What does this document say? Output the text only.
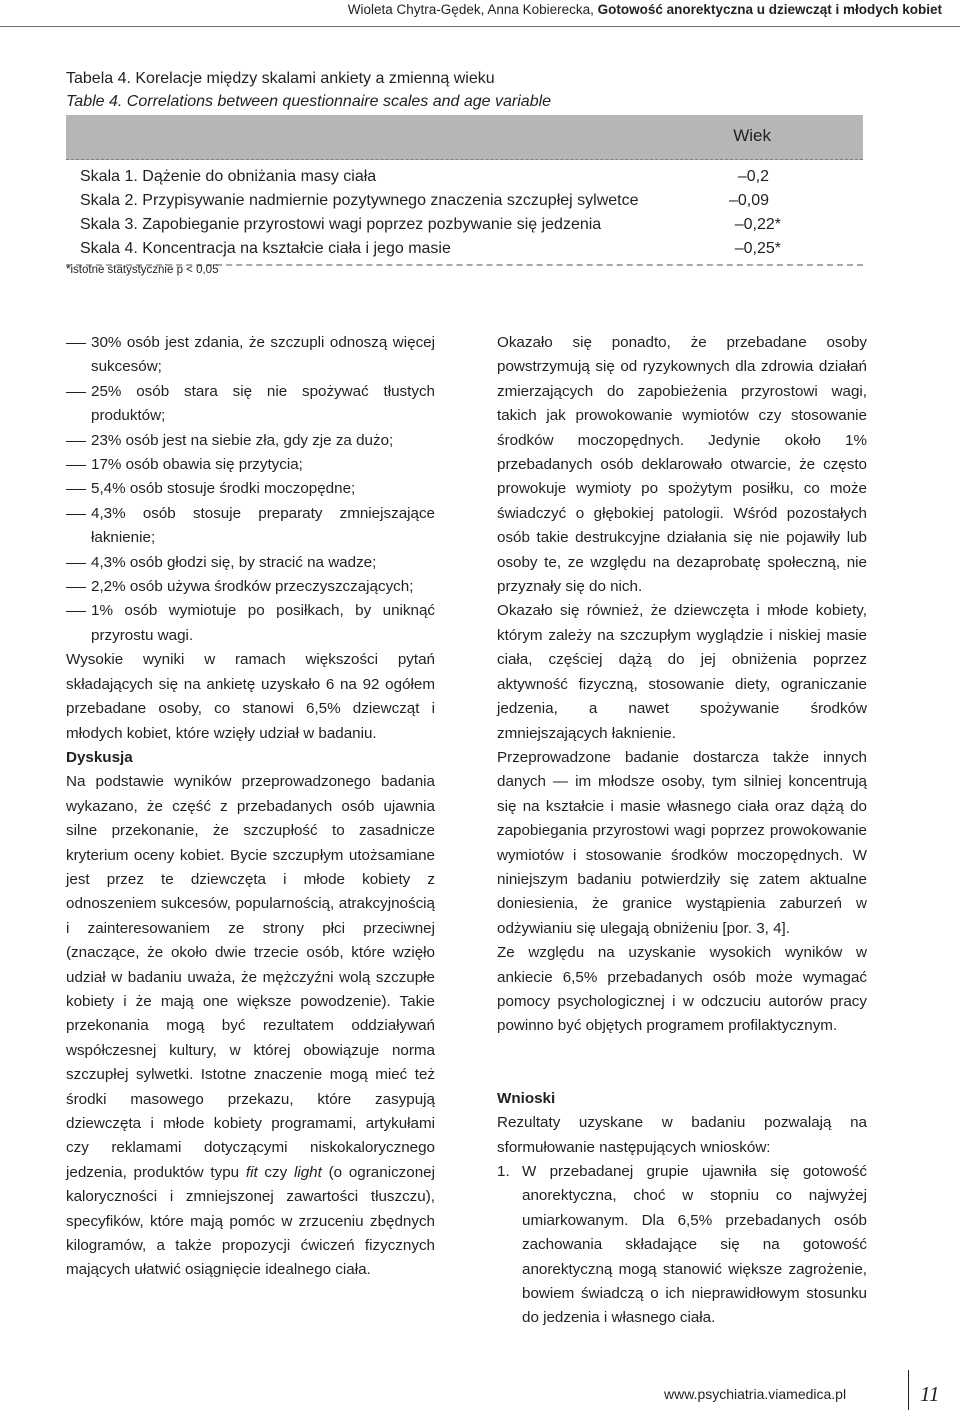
Wioleta Chytra-Gędek, Anna Kobierecka, Gotowość anorektyczna u dziewcząt i młodych kobiet
Tabela 4. Korelacje między skalami ankiety a zmienną wieku
Table 4. Correlations between questionnaire scales and age variable
Wiek
Skala 1. Dążenie do obniżania masy ciała	–0,2
Skala 2. Przypisywanie nadmiernie pozytywnego znaczenia szczupłej sylwetce	–0,09
Skala 3. Zapobieganie przyrostowi wagi poprzez pozbywanie się jedzenia	–0,22*
Skala 4. Koncentracja na kształcie ciała i jego masie	–0,25*
*istotne statystycznie p < 0,05
30% osób jest zdania, że szczupli odnoszą więcej sukcesów;
25% osób stara się nie spożywać tłustych produktów;
23% osób jest na siebie zła, gdy zje za dużo;
17% osób obawia się przytycia;
5,4% osób stosuje środki moczopędne;
4,3% osób stosuje preparaty zmniejszające łaknienie;
4,3% osób głodzi się, by stracić na wadze;
2,2% osób używa środków przeczyszczających;
1% osób wymiotuje po posiłkach, by uniknąć przyrostu wagi.

Wysokie wyniki w ramach większości pytań składających się na ankietę uzyskało 6 na 92 ogółem przebadane osoby, co stanowi 6,5% dziewcząt i młodych kobiet, które wzięły udział w badaniu.

Dyskusja

Na podstawie wyników przeprowadzonego badania wykazano, że część z przebadanych osób ujawnia silne przekonanie, że szczupłość to zasadnicze kryterium oceny kobiet. Bycie szczupłym utożsamiane jest przez te dziewczęta i młode kobiety z odnoszeniem sukcesów, popularnością, atrakcyjnością i zainteresowaniem ze strony płci przeciwnej (znaczące, że około dwie trzecie osób, które wzięło udział w badaniu uważa, że mężczyźni wolą szczupłe kobiety i że mają one większe powodzenie). Takie przekonania mogą być rezultatem oddziaływań współczesnej kultury, w której obowiązuje norma szczupłej sylwetki. Istotne znaczenie mogą mieć też środki masowego przekazu, które zasypują dziewczęta i młode kobiety programami, artykułami czy reklamami dotyczącymi niskokalorycznego jedzenia, produktów typu fit czy light (o ograniczonej kaloryczności i zmniejszonej zawartości tłuszczu), specyfików, które mają pomóc w zrzuceniu zbędnych kilogramów, a także propozycji ćwiczeń fizycznych mających ułatwić osiągnięcie idealnego ciała.

Okazało się ponadto, że przebadane osoby powstrzymują się od ryzykownych dla zdrowia działań zmierzających do zapobieżenia przyrostowi wagi, takich jak prowokowanie wymiotów czy stosowanie środków moczopędnych. Jedynie około 1% przebadanych osób deklarowało otwarcie, że często prowokuje wymioty po spożytym posiłku, co może świadczyć o głębokiej patologii. Wśród pozostałych osób takie destrukcyjne działania się nie pojawiły lub osoby te, ze względu na dezaprobatę społeczną, nie przyznały się do nich.

Okazało się również, że dziewczęta i młode kobiety, którym zależy na szczupłym wyglądzie i niskiej masie ciała, częściej dążą do jej obniżenia poprzez aktywność fizyczną, stosowanie diety, ograniczanie jedzenia, a nawet spożywanie środków zmniejszających łaknienie.

Przeprowadzone badanie dostarcza także innych danych — im młodsze osoby, tym silniej koncentrują się na kształcie i masie własnego ciała oraz dążą do zapobiegania przyrostowi wagi poprzez prowokowanie wymiotów i stosowanie środków moczopędnych. W niniejszym badaniu potwierdziły się zatem aktualne doniesienia, że granice wystąpienia zaburzeń w odżywianiu się ulegają obniżeniu [por. 3, 4].

Ze względu na uzyskanie wysokich wyników w ankiecie 6,5% przebadanych osób może wymagać pomocy psychologicznej i w odczuciu autorów pracy powinno być objętych programem profilaktycznym.

Wnioski

Rezultaty uzyskane w badaniu pozwalają na sformułowanie następujących wniosków:

1. W przebadanej grupie ujawniła się gotowość anorektyczna, choć w stopniu co najwyżej umiarkowanym. Dla 6,5% przebadanych osób zachowania składające się na gotowość anorektyczną mogą stanowić większe zagrożenie, bowiem świadczą o ich nieprawidłowym stosunku do jedzenia i własnego ciała.
www.psychiatria.viamedica.pl	11
